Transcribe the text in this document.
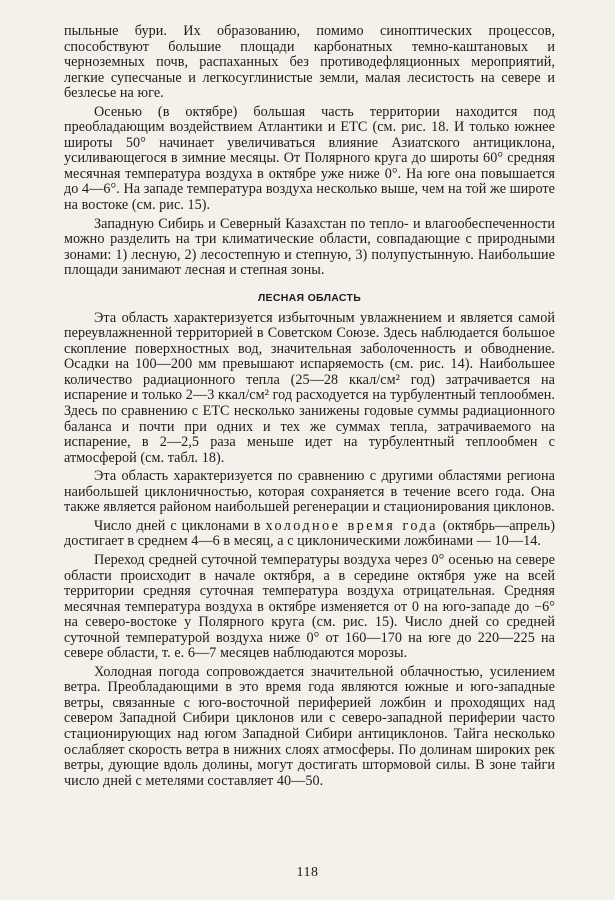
пыльные бури. Их образованию, помимо синоптических процессов, способствуют большие площади карбонатных темно-каштановых и черноземных почв, распаханных без противодефляционных мероприятий, легкие супесчаные и легкосуглинистые земли, малая лесистость на севере и безлесье на юге.

Осенью (в октябре) большая часть территории находится под преобладающим воздействием Атлантики и ЕТС (см. рис. 18. И только южнее широты 50° начинает увеличиваться влияние Азиатского антициклона, усиливающегося в зимние месяцы. От Полярного круга до широты 60° средняя месячная температура воздуха в октябре уже ниже 0°. На юге она повышается до 4—6°. На западе температура воздуха несколько выше, чем на той же широте на востоке (см. рис. 15).

Западную Сибирь и Северный Казахстан по тепло- и влагообеспеченности можно разделить на три климатические области, совпадающие с природными зонами: 1) лесную, 2) лесостепную и степную, 3) полупустынную. Наибольшие площади занимают лесная и степная зоны.

ЛЕСНАЯ ОБЛАСТЬ

Эта область характеризуется избыточным увлажнением и является самой переувлажненной территорией в Советском Союзе. Здесь наблюдается большое скопление поверхностных вод, значительная заболоченность и обводнение. Осадки на 100—200 мм превышают испаряемость (см. рис. 14). Наибольшее количество радиационного тепла (25—28 ккал/см² год) затрачивается на испарение и только 2—3 ккал/см² год расходуется на турбулентный теплообмен. Здесь по сравнению с ЕТС несколько занижены годовые суммы радиационного баланса и почти при одних и тех же суммах тепла, затрачиваемого на испарение, в 2—2,5 раза меньше идет на турбулентный теплообмен с атмосферой (см. табл. 18).

Эта область характеризуется по сравнению с другими областями региона наибольшей циклоничностью, которая сохраняется в течение всего года. Она также является районом наибольшей регенерации и стационирования циклонов.

Число дней с циклонами в холодное время года (октябрь—апрель) достигает в среднем 4—6 в месяц, а с циклоническими ложбинами — 10—14.

Переход средней суточной температуры воздуха через 0° осенью на севере области происходит в начале октября, а в середине октября уже на всей территории средняя суточная температура воздуха отрицательная. Средняя месячная температура воздуха в октябре изменяется от 0 на юго-западе до −6° на северо-востоке у Полярного круга (см. рис. 15). Число дней со средней суточной температурой воздуха ниже 0° от 160—170 на юге до 220—225 на севере области, т. е. 6—7 месяцев наблюдаются морозы.

Холодная погода сопровождается значительной облачностью, усилением ветра. Преобладающими в это время года являются южные и юго-западные ветры, связанные с юго-восточной периферией ложбин и проходящих над севером Западной Сибири циклонов или с северо-западной периферии часто стационирующих над югом Западной Сибири антициклонов. Тайга несколько ослабляет скорость ветра в нижних слоях атмосферы. По долинам широких рек ветры, дующие вдоль долины, могут достигать штормовой силы. В зоне тайги число дней с метелями составляет 40—50.

118
